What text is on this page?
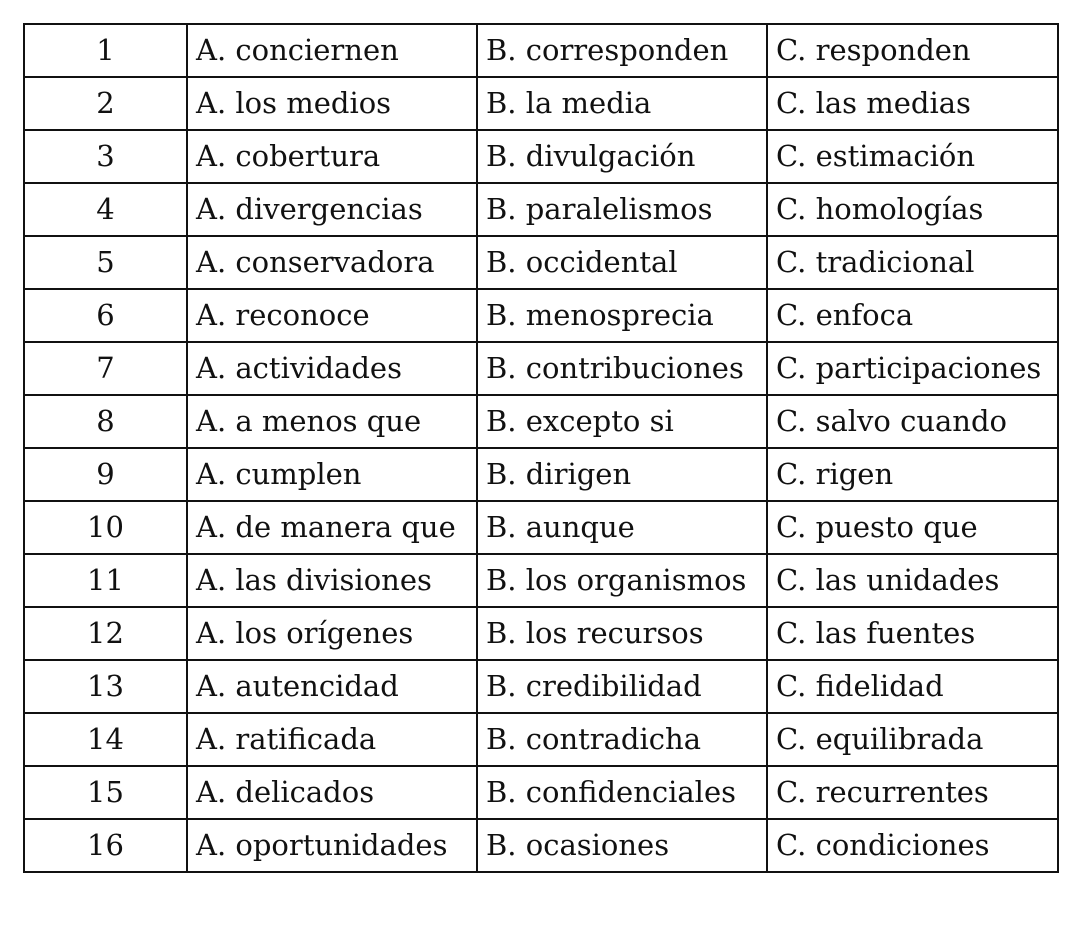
1	A. conciernen	B. corresponden	C. responden
2	A. los medios	B. la media	C. las medias
3	A. cobertura	B. divulgación	C. estimación
4	A. divergencias	B. paralelismos	C. homologías
5	A. conservadora	B. occidental	C. tradicional
6	A. reconoce	B. menosprecia	C. enfoca
7	A. actividades	B. contribuciones	C. participaciones
8	A. a menos que	B. excepto si	C. salvo cuando
9	A. cumplen	B. dirigen	C. rigen
10	A. de manera que	B. aunque	C. puesto que
11	A. las divisiones	B. los organismos	C. las unidades
12	A. los orígenes	B. los recursos	C. las fuentes
13	A. autencidad	B. credibilidad	C. fidelidad
14	A. ratificada	B. contradicha	C. equilibrada
15	A. delicados	B. confidenciales	C. recurrentes
16	A. oportunidades	B. ocasiones	C. condiciones
